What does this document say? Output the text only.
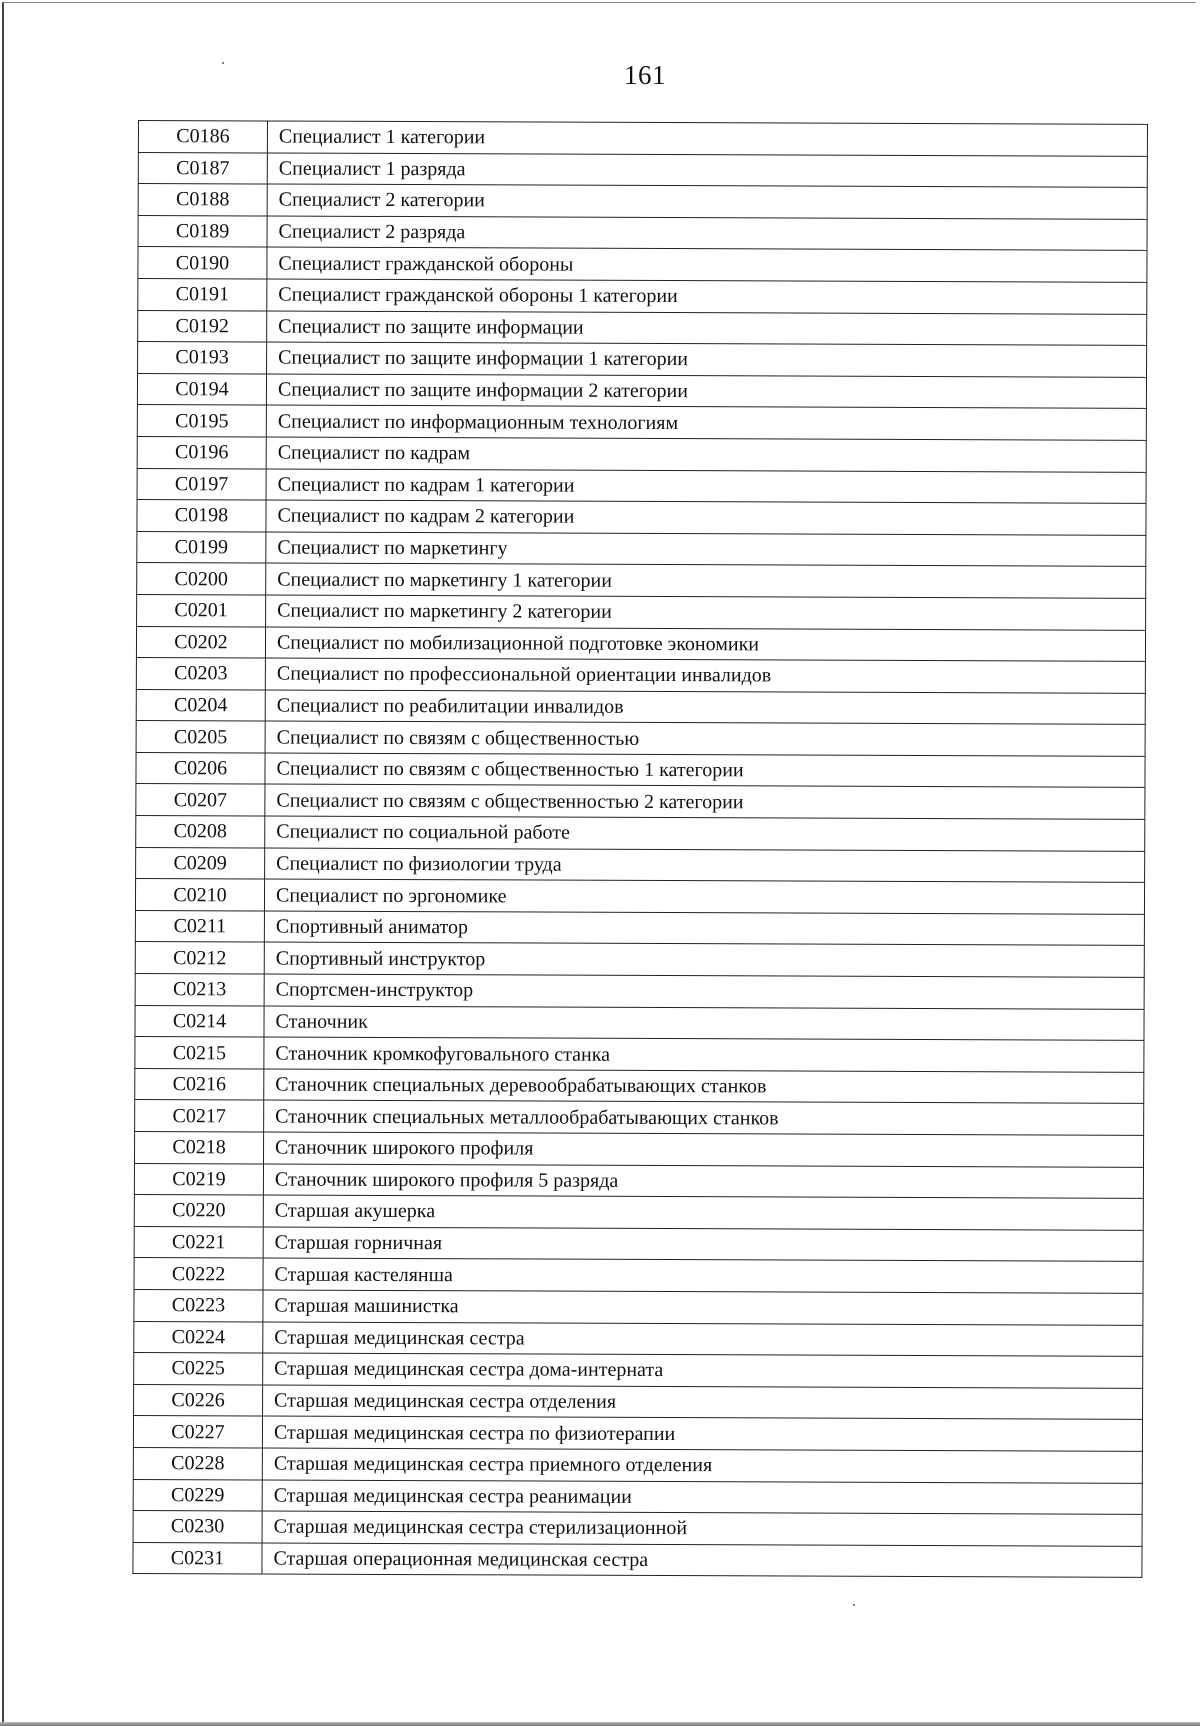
161
C0186	Специалист 1 категории
C0187	Специалист 1 разряда
C0188	Специалист 2 категории
C0189	Специалист 2 разряда
C0190	Специалист гражданской обороны
C0191	Специалист гражданской обороны 1 категории
C0192	Специалист по защите информации
C0193	Специалист по защите информации 1 категории
C0194	Специалист по защите информации 2 категории
C0195	Специалист по информационным технологиям
C0196	Специалист по кадрам
C0197	Специалист по кадрам 1 категории
C0198	Специалист по кадрам 2 категории
C0199	Специалист по маркетингу
C0200	Специалист по маркетингу 1 категории
C0201	Специалист по маркетингу 2 категории
C0202	Специалист по мобилизационной подготовке экономики
C0203	Специалист по профессиональной ориентации инвалидов
C0204	Специалист по реабилитации инвалидов
C0205	Специалист по связям с общественностью
C0206	Специалист по связям с общественностью 1 категории
C0207	Специалист по связям с общественностью 2 категории
C0208	Специалист по социальной работе
C0209	Специалист по физиологии труда
C0210	Специалист по эргономике
C0211	Спортивный аниматор
C0212	Спортивный инструктор
C0213	Спортсмен-инструктор
C0214	Станочник
C0215	Станочник кромкофуговального станка
C0216	Станочник специальных деревообрабатывающих станков
C0217	Станочник специальных металлообрабатывающих станков
C0218	Станочник широкого профиля
C0219	Станочник широкого профиля 5 разряда
C0220	Старшая акушерка
C0221	Старшая горничная
C0222	Старшая кастелянша
C0223	Старшая машинистка
C0224	Старшая медицинская сестра
C0225	Старшая медицинская сестра дома-интерната
C0226	Старшая медицинская сестра отделения
C0227	Старшая медицинская сестра по физиотерапии
C0228	Старшая медицинская сестра приемного отделения
C0229	Старшая медицинская сестра реанимации
C0230	Старшая медицинская сестра стерилизационной
C0231	Старшая операционная медицинская сестра
